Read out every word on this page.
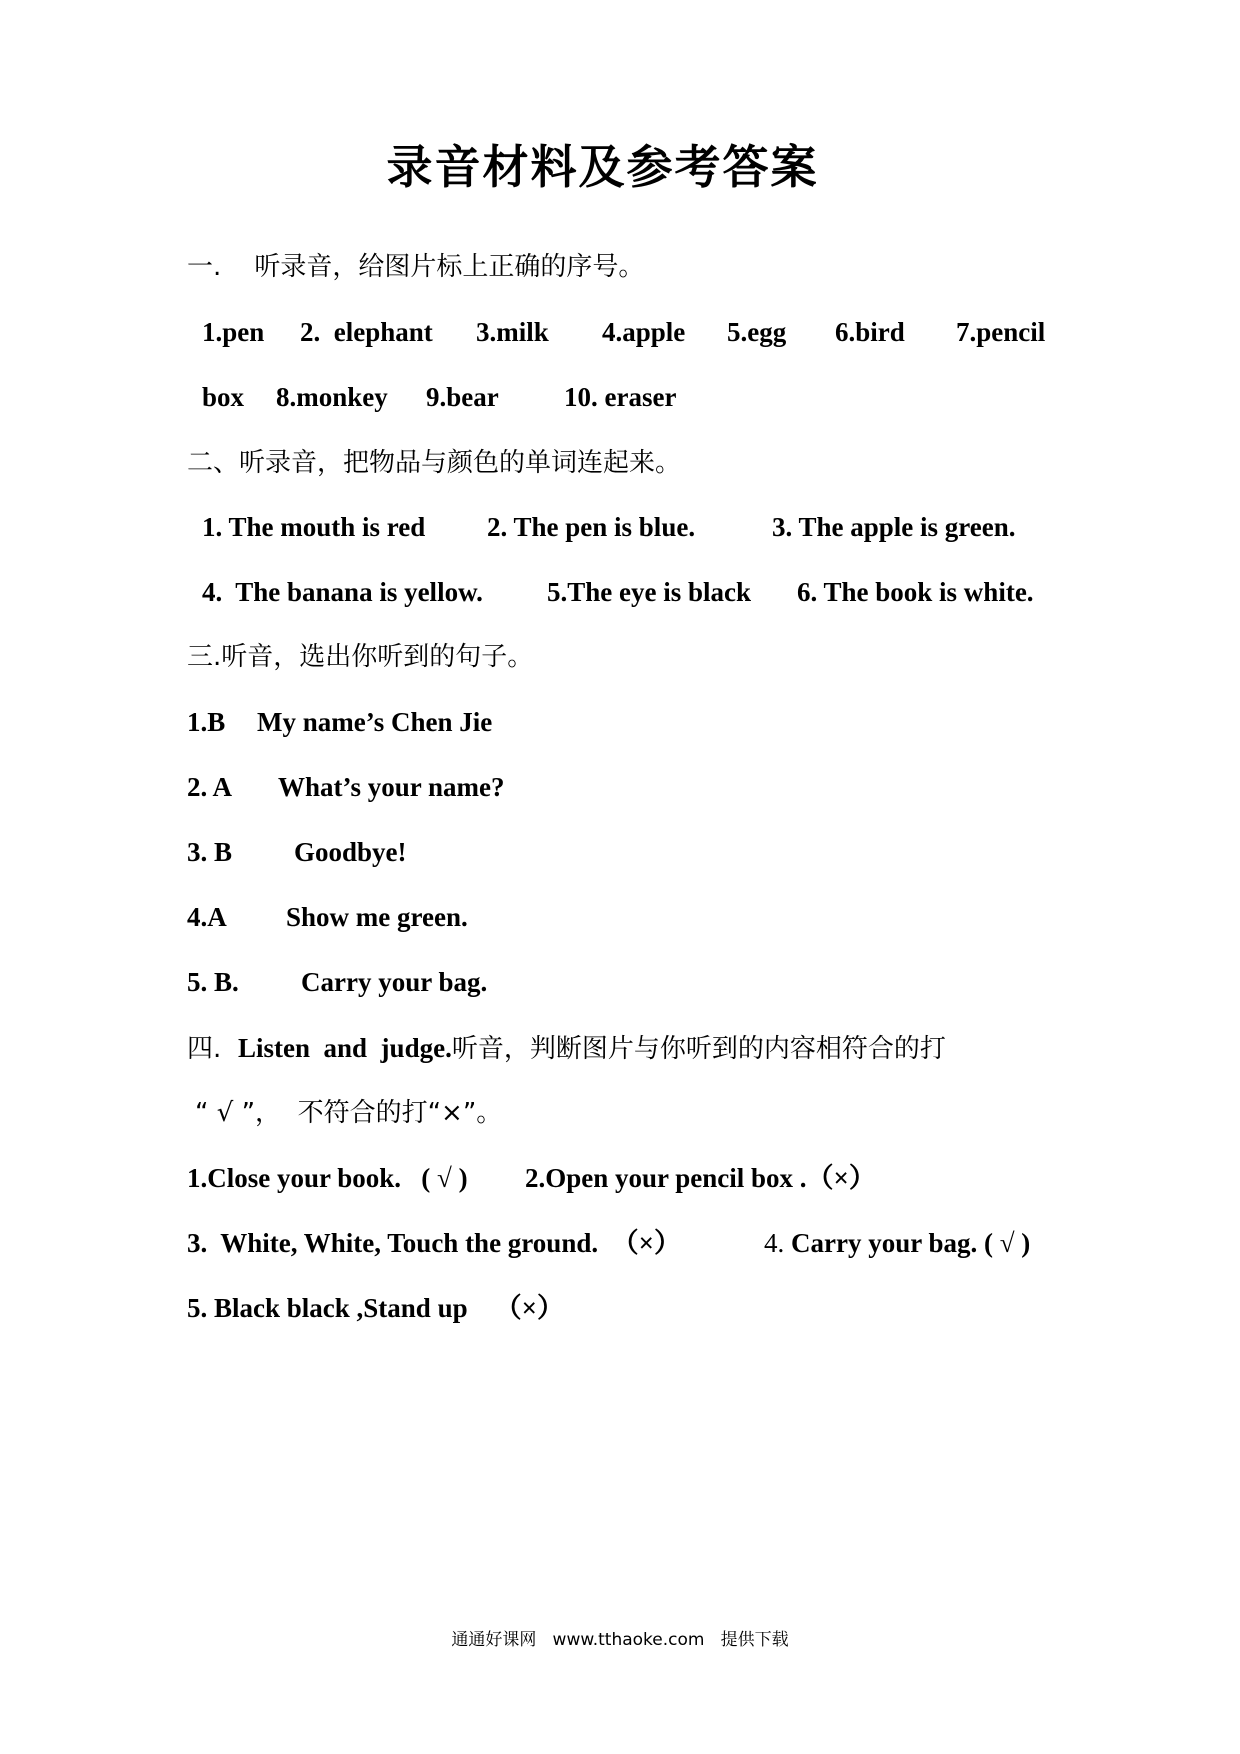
录音材料及参考答案
一.    听录音，给图片标上正确的序号。
1.pen 2.  elephant 3.milk 4.apple 5.egg 6.bird 7.pencil
box 8.monkey 9.bear 10. eraser
二、听录音，把物品与颜色的单词连起来。
1. The mouth is red 2. The pen is blue.	3. The apple is green.
4.  The banana is yellow. 5.The eye is black 6. The book is white.
三.听音，选出你听到的句子。
1.B My name’s Chen Jie
2. A What’s your name?
3. B Goodbye!
4.A Show me green.
5. B. Carry your bag.
四. Listen  and  judge.听音，判断图片与你听到的内容相符合的打
“ √ ”，  不符合的打“×”。
1.Close your book.   ( √ ) 2.Open your pencil box .（×）
3.  White, White, Touch the ground.  （×）	4. Carry your bag. ( √ )
5. Black black ,Stand up    （×）
通通好课网   www.tthaoke.com   提供下载
